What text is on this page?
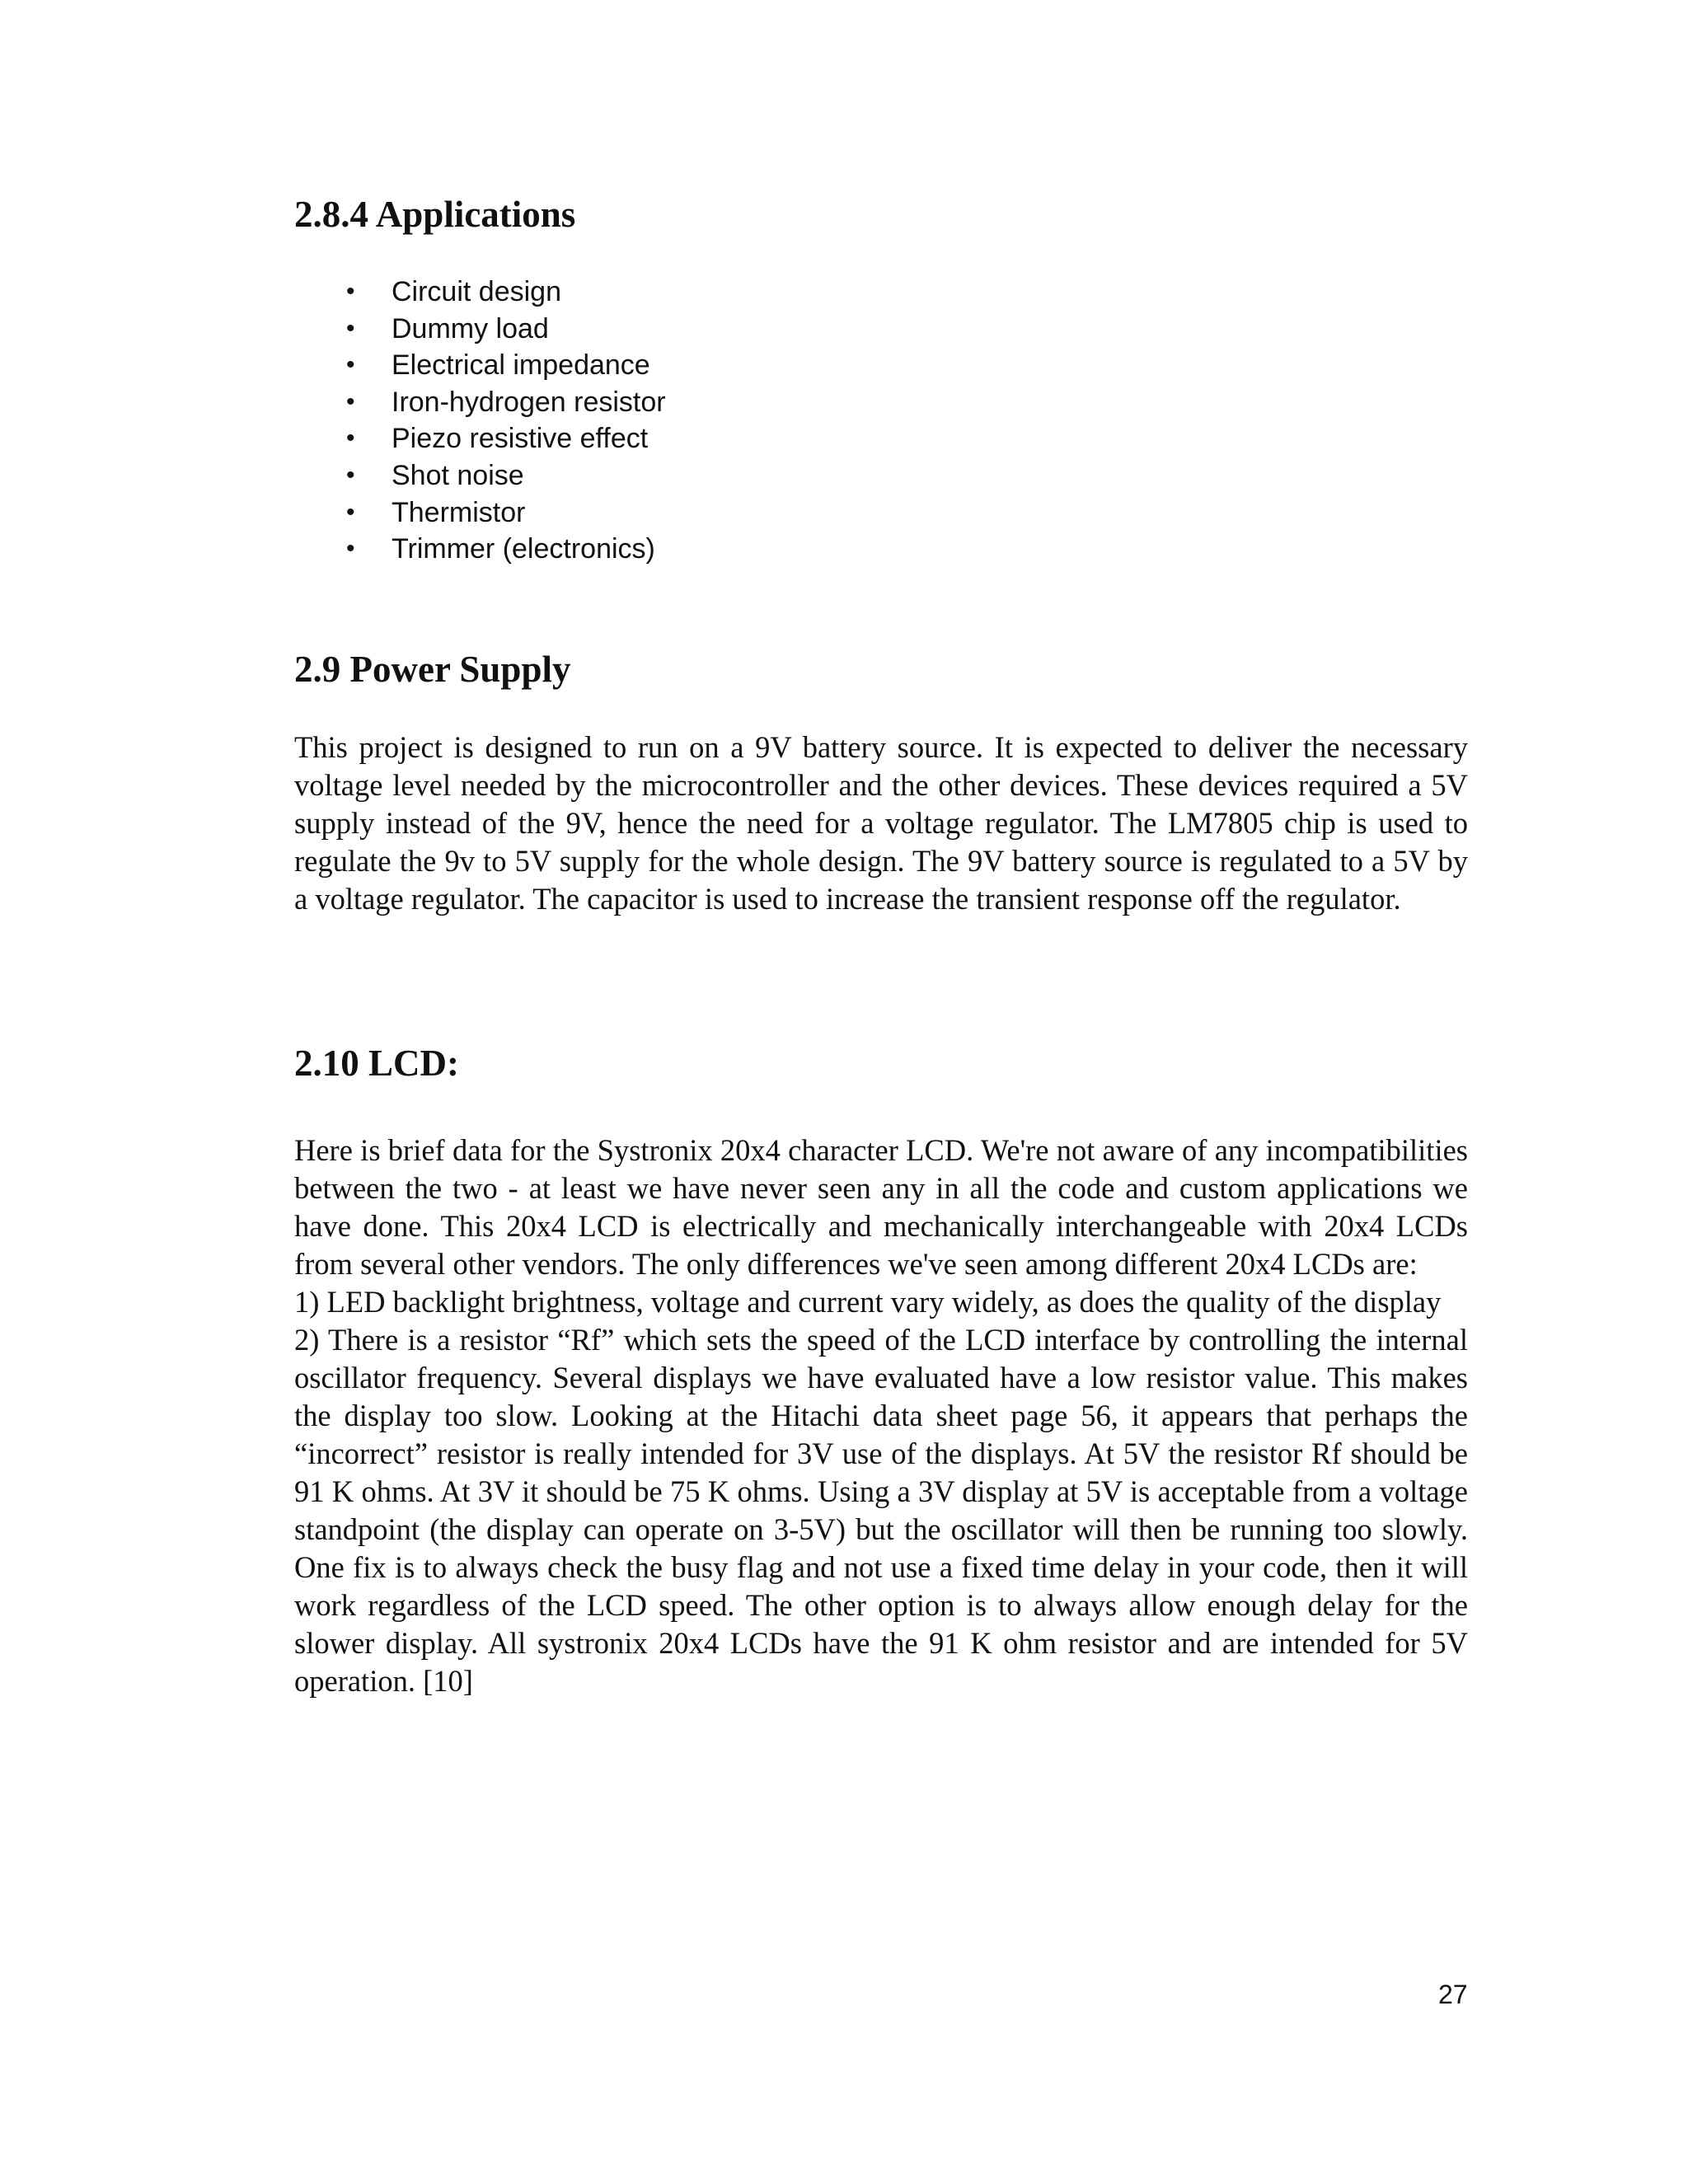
2.8.4 Applications
• Circuit design
• Dummy load
• Electrical impedance
• Iron-hydrogen resistor
• Piezo resistive effect
• Shot noise
• Thermistor
• Trimmer (electronics)
2.9 Power Supply

This project is designed to run on a 9V battery source. It is expected to deliver the necessary voltage level needed by the microcontroller and the other devices. These devices required a 5V supply instead of the 9V, hence the need for a voltage regulator. The LM7805 chip is used to regulate the 9v to 5V supply for the whole design. The 9V battery source is regulated to a 5V by a voltage regulator. The capacitor is used to increase the transient response off the regulator.

2.10 LCD:
Here is brief data for the Systronix 20x4 character LCD. We're not aware of any incompatibilities between the two - at least we have never seen any in all the code and custom applications we have done. This 20x4 LCD is electrically and mechanically interchangeable with 20x4 LCDs from several other vendors. The only differences we've seen among different 20x4 LCDs are:
1) LED backlight brightness, voltage and current vary widely, as does the quality of the display
2) There is a resistor “Rf” which sets the speed of the LCD interface by controlling the internal oscillator frequency. Several displays we have evaluated have a low resistor value. This makes the display too slow. Looking at the Hitachi data sheet page 56, it appears that perhaps the “incorrect” resistor is really intended for 3V use of the displays. At 5V the resistor Rf should be 91 K ohms. At 3V it should be 75 K ohms. Using a 3V display at 5V is acceptable from a voltage standpoint (the display can operate on 3-5V) but the oscillator will then be running too slowly. One fix is to always check the busy flag and not use a fixed time delay in your code, then it will work regardless of the LCD speed. The other option is to always allow enough delay for the slower display. All systronix 20x4 LCDs have the 91 K ohm resistor and are intended for 5V operation. [10]
27
